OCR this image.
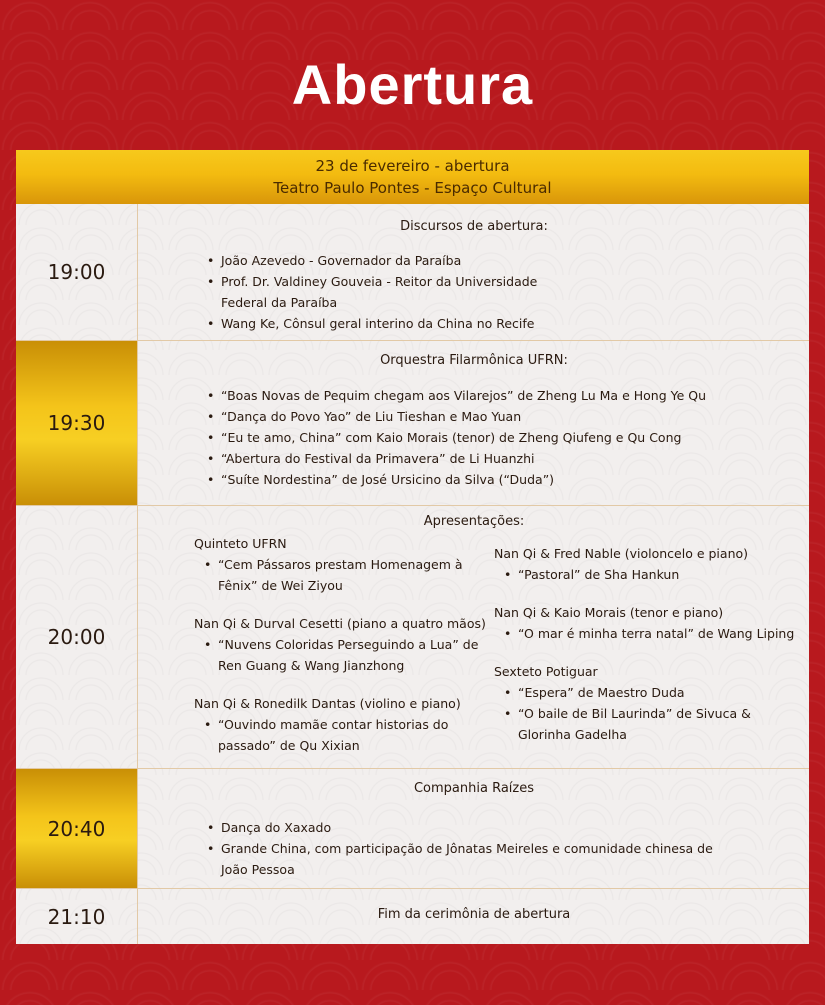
Abertura
23 de fevereiro - abertura
Teatro Paulo Pontes - Espaço Cultural
19:00
Discursos de abertura:
• João Azevedo - Governador da Paraíba
• Prof. Dr. Valdiney Gouveia - Reitor da Universidade
Federal da Paraíba
• Wang Ke, Cônsul geral interino da China no Recife
19:30
Orquestra Filarmônica UFRN:
• “Boas Novas de Pequim chegam aos Vilarejos” de Zheng Lu Ma e Hong Ye Qu
• “Dança do Povo Yao” de Liu Tieshan e Mao Yuan
• “Eu te amo, China” com Kaio Morais (tenor) de Zheng Qiufeng e Qu Cong
• “Abertura do Festival da Primavera” de Li Huanzhi
• “Suíte Nordestina” de José Ursicino da Silva (“Duda”)
20:00
Apresentações:
Quinteto UFRN
• “Cem Pássaros prestam Homenagem à
Fênix” de Wei Ziyou
Nan Qi & Durval Cesetti (piano a quatro mãos)
• “Nuvens Coloridas Perseguindo a Lua” de
Ren Guang & Wang Jianzhong
Nan Qi & Ronedilk Dantas (violino e piano)
• “Ouvindo mamãe contar historias do
passado” de Qu Xixian
Nan Qi & Fred Nable (violoncelo e piano)
• “Pastoral” de Sha Hankun
Nan Qi & Kaio Morais (tenor e piano)
• “O mar é minha terra natal” de Wang Liping
Sexteto Potiguar
• “Espera” de Maestro Duda
• “O baile de Bil Laurinda” de Sivuca &
Glorinha Gadelha
20:40
Companhia Raízes
• Dança do Xaxado
• Grande China, com participação de Jônatas Meireles e comunidade chinesa de
João Pessoa
21:10	Fim da cerimônia de abertura
